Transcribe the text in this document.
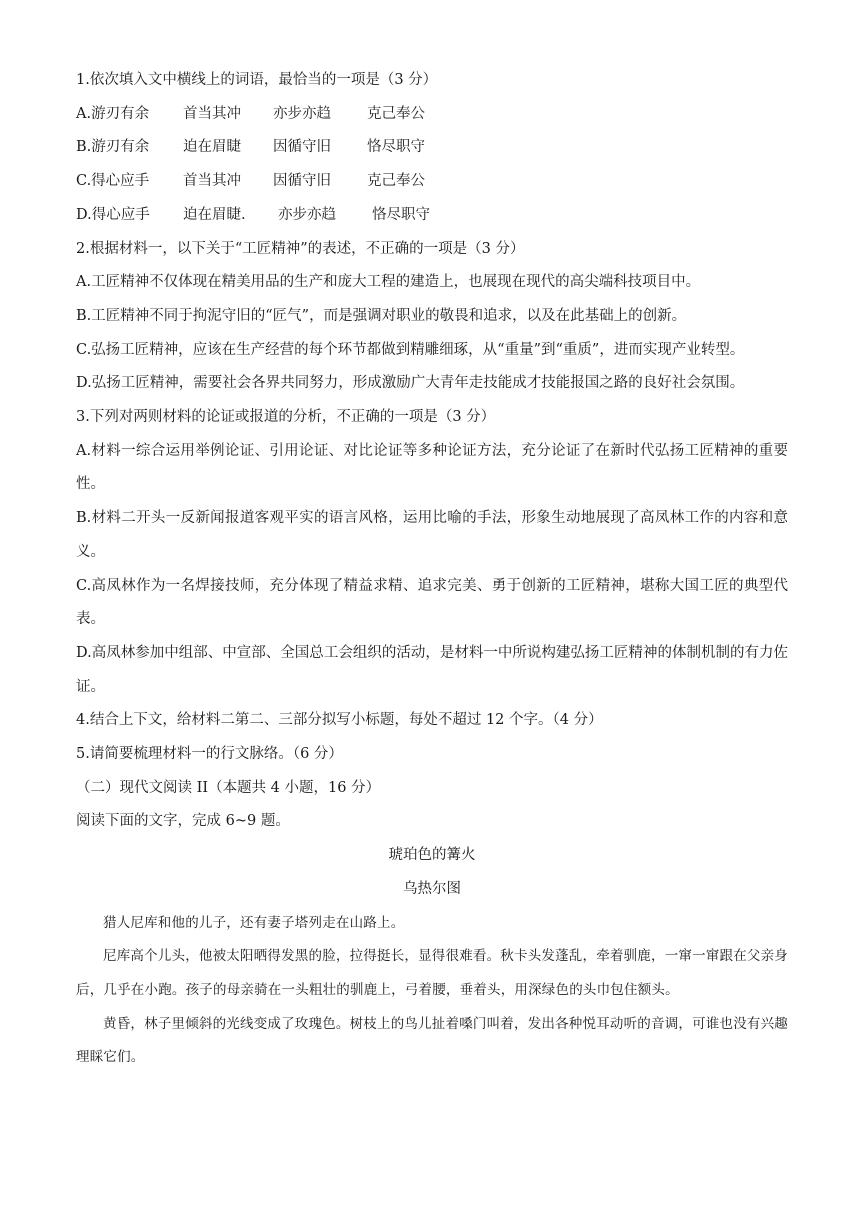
1.依次填入文中横线上的词语，最恰当的一项是（3 分）

A.游刃有余	首当其冲	亦步亦趋	克己奉公
B.游刃有余	迫在眉睫	因循守旧	恪尽职守
C.得心应手	首当其冲	因循守旧	克己奉公
D.得心应手	迫在眉睫.	亦步亦趋	恪尽职守

2.根据材料一，以下关于“工匠精神”的表述，不正确的一项是（3 分）

A.工匠精神不仅体现在精美用品的生产和庞大工程的建造上，也展现在现代的高尖端科技项目中。

B.工匠精神不同于拘泥守旧的“匠气”，而是强调对职业的敬畏和追求，以及在此基础上的创新。

C.弘扬工匠精神，应该在生产经营的每个环节都做到精雕细琢，从“重量”到“重质”，进而实现产业转型。

D.弘扬工匠精神，需要社会各界共同努力，形成激励广大青年走技能成才技能报国之路的良好社会氛围。

3.下列对两则材料的论证或报道的分析，不正确的一项是（3 分）

A.材料一综合运用举例论证、引用论证、对比论证等多种论证方法，充分论证了在新时代弘扬工匠精神的重要性。

B.材料二开头一反新闻报道客观平实的语言风格，运用比喻的手法，形象生动地展现了高凤林工作的内容和意义。

C.高凤林作为一名焊接技师，充分体现了精益求精、追求完美、勇于创新的工匠精神，堪称大国工匠的典型代表。

D.高凤林参加中组部、中宣部、全国总工会组织的活动，是材料一中所说构建弘扬工匠精神的体制机制的有力佐证。

4.结合上下文，给材料二第二、三部分拟写小标题，每处不超过 12 个字。（4 分）

5.请简要梳理材料一的行文脉络。（6 分）

（二）现代文阅读 II（本题共 4 小题，16 分）

阅读下面的文字，完成 6~9 题。

琥珀色的篝火

乌热尔图

猎人尼库和他的儿子，还有妻子塔列走在山路上。

尼库高个儿头，他被太阳晒得发黑的脸，拉得挺长，显得很难看。秋卡头发蓬乱，牵着驯鹿，一窜一窜跟在父亲身后，几乎在小跑。孩子的母亲骑在一头粗壮的驯鹿上，弓着腰，垂着头，用深绿色的头巾包住额头。

黄昏，林子里倾斜的光线变成了玫瑰色。树枝上的鸟儿扯着嗓门叫着，发出各种悦耳动听的音调，可谁也没有兴趣理睬它们。
